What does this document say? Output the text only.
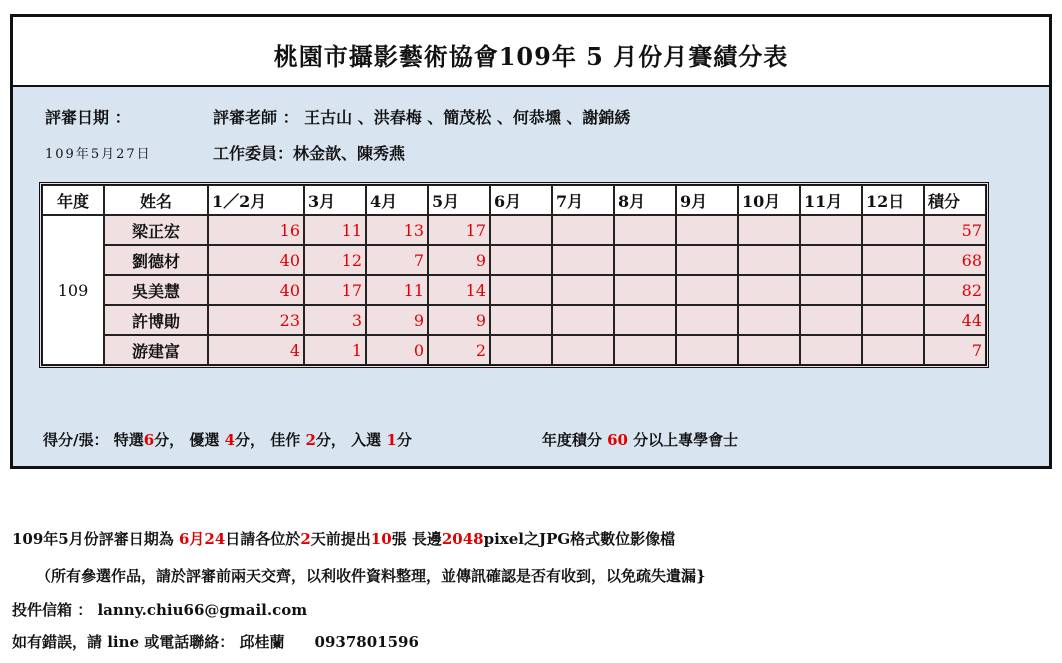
桃園市攝影藝術協會109年 5 月份月賽績分表
評審日期 ：
109年5月27日
評審老師 ： 王古山 、洪春梅 、簡茂松 、何恭壎 、謝錦綉
工作委員：林金歆、陳秀燕
年度	姓名	1／2月	3月	4月	5月	6月	7月	8月	9月	10月	11月	12日	積分
109	梁正宏	16	11	13	17								57
	劉德材	40	12	7	9								68
	吳美慧	40	17	11	14								82
	許博勛	23	3	9	9								44
	游建富	4	1	0	2								7
得分/張： 特選6分， 優選 4分， 佳作 2分， 入選 1分	年度積分 60 分以上專學會士
109年5月份評審日期為 6月24日請各位於2天前提出10張 長邊2048pixel之JPG格式數位影像檔
（所有參選作品，請於評審前兩天交齊，以利收件資料整理，並傳訊確認是否有收到，以免疏失遺漏}
投件信箱 ： lanny.chiu66@gmail.com
如有錯誤，請 line 或電話聯絡： 邱桂蘭　　0937801596
